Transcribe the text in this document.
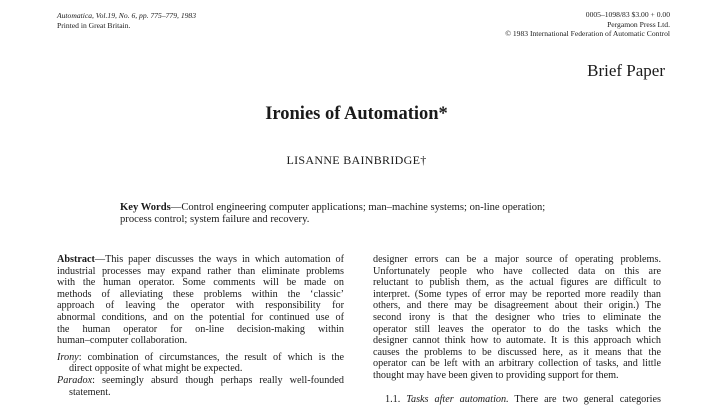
Automatica, Vol.19, No. 6, pp. 775–779, 1983
Printed in Great Britain.
0005–1098/83 $3.00 + 0.00
Pergamon Press Ltd.
© 1983 International Federation of Automatic Control
Brief Paper
Ironies of Automation*
LISANNE BAINBRIDGE†
Key Words—Control engineering computer applications; man–machine systems; on-line operation;
process control; system failure and recovery.
Abstract—This paper discusses the ways in which automation of
industrial processes may expand rather than eliminate problems
with the human operator. Some comments will be made on
methods of alleviating these problems within the ‘classic’
approach of leaving the operator with responsibility for
abnormal conditions, and on the potential for continued use of
the human operator for on-line decision-making within
human–computer collaboration.
Irony: combination of circumstances, the result of which is the
direct opposite of what might be expected.
Paradox: seemingly absurd though perhaps really well-founded
statement.
designer errors can be a major source of operating problems.
Unfortunately people who have collected data on this are
reluctant to publish them, as the actual figures are difficult to
interpret. (Some types of error may be reported more readily than
others, and there may be disagreement about their origin.) The
second irony is that the designer who tries to eliminate the
operator still leaves the operator to do the tasks which the
designer cannot think how to automate. It is this approach which
causes the problems to be discussed here, as it means that the
operator can be left with an arbitrary collection of tasks, and little
thought may have been given to providing support for them.
1.1. Tasks after automation. There are two general categories
